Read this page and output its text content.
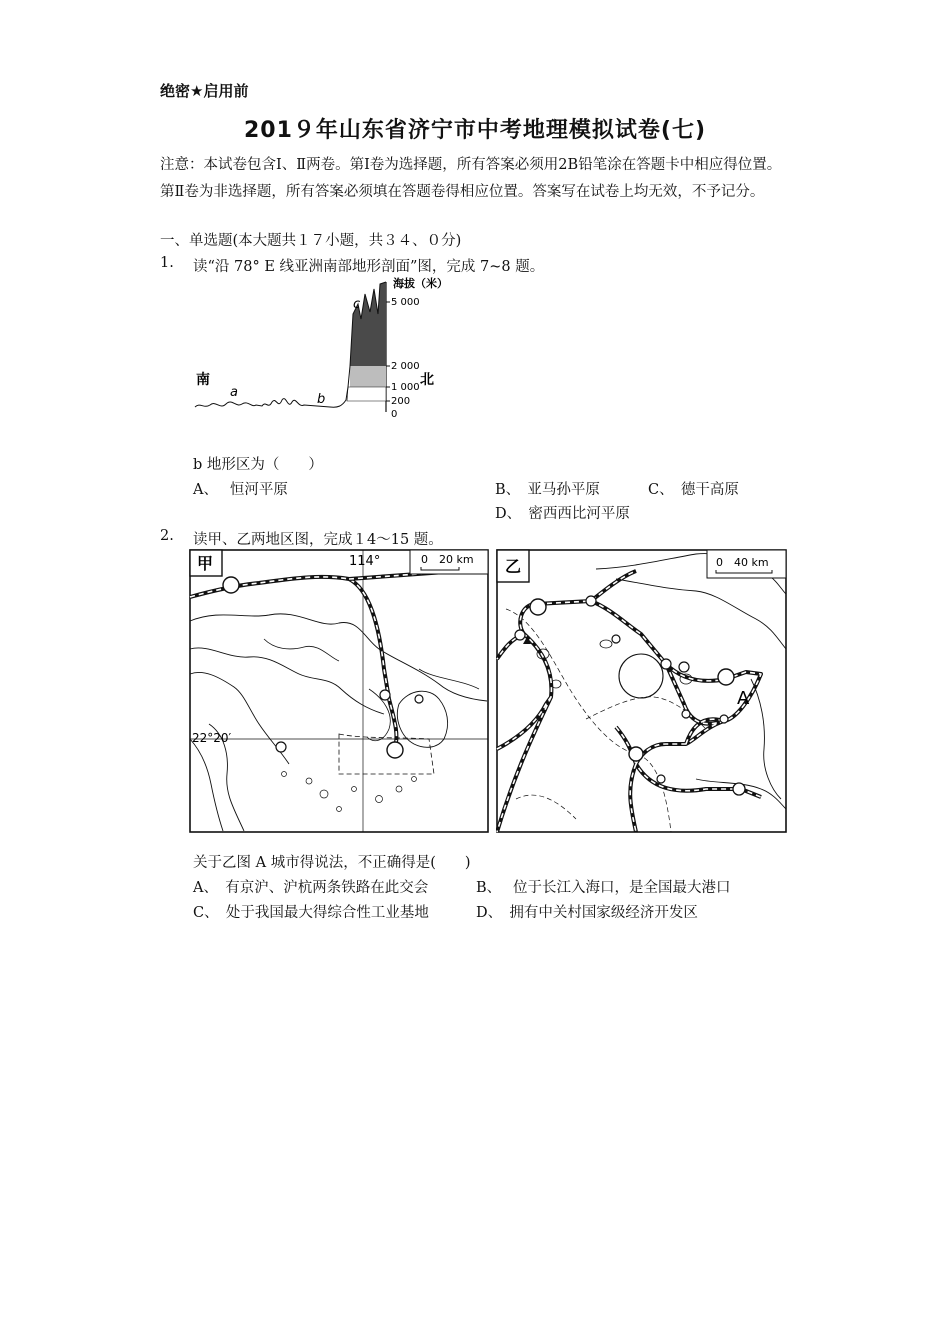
绝密★启用前
201９年山东省济宁市中考地理模拟试卷(七)
注意：本试卷包含Ⅰ、Ⅱ两卷。第Ⅰ卷为选择题，所有答案必须用2B铅笔涂在答题卡中相应得位置。第Ⅱ卷为非选择题，所有答案必须填在答题卷得相应位置。答案写在试卷上均无效，不予记分。
一、单选题(本大题共１７小题，共３４、０分)
1. 读“沿 78° E 线亚洲南部地形剖面”图，完成 7~8 题。
海拔（米）
5 000
2 000
1 000
200
0
南	北
a	b
c
b 地形区为（　　）
A、　 恒河平原	B、　亚马孙平原	C、　德干高原
D、　密西西比河平原
2. 读甲、乙两地区图，完成１4～15 题。
甲	114°
22°20′
0　20 km 乙
A
0　40 km
关于乙图 A 城市得说法，不正确得是(　　)
A、　有京沪、沪杭两条铁路在此交会	B、　 位于长江入海口，是全国最大港口
C、　处于我国最大得综合性工业基地	D、　拥有中关村国家级经济开发区
